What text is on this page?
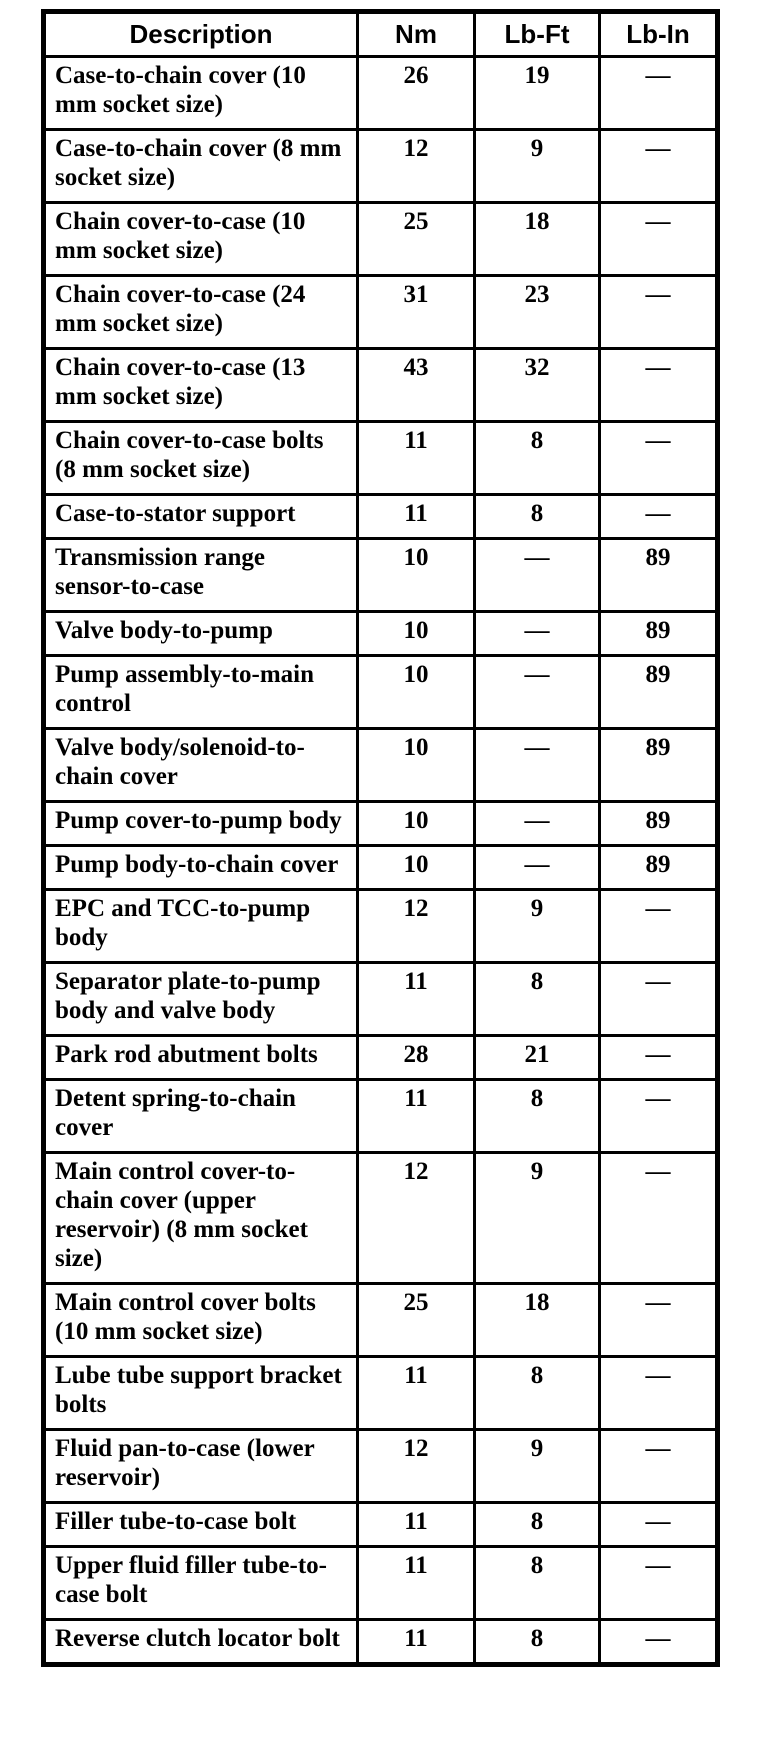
Description	Nm	Lb-Ft	Lb-In
Case-to-chain cover (10 mm socket size)	26	19	—
Case-to-chain cover (8 mm socket size)	12	9	—
Chain cover-to-case (10 mm socket size)	25	18	—
Chain cover-to-case (24 mm socket size)	31	23	—
Chain cover-to-case (13 mm socket size)	43	32	—
Chain cover-to-case bolts (8 mm socket size)	11	8	—
Case-to-stator support	11	8	—
Transmission range sensor-to-case	10	—	89
Valve body-to-pump	10	—	89
Pump assembly-to-main control	10	—	89
Valve body/solenoid-to-chain cover	10	—	89
Pump cover-to-pump body	10	—	89
Pump body-to-chain cover	10	—	89
EPC and TCC-to-pump body	12	9	—
Separator plate-to-pump body and valve body	11	8	—
Park rod abutment bolts	28	21	—
Detent spring-to-chain cover	11	8	—
Main control cover-to-chain cover (upper reservoir) (8 mm socket size)	12	9	—
Main control cover bolts (10 mm socket size)	25	18	—
Lube tube support bracket bolts	11	8	—
Fluid pan-to-case (lower reservoir)	12	9	—
Filler tube-to-case bolt	11	8	—
Upper fluid filler tube-to-case bolt	11	8	—
Reverse clutch locator bolt	11	8	—
